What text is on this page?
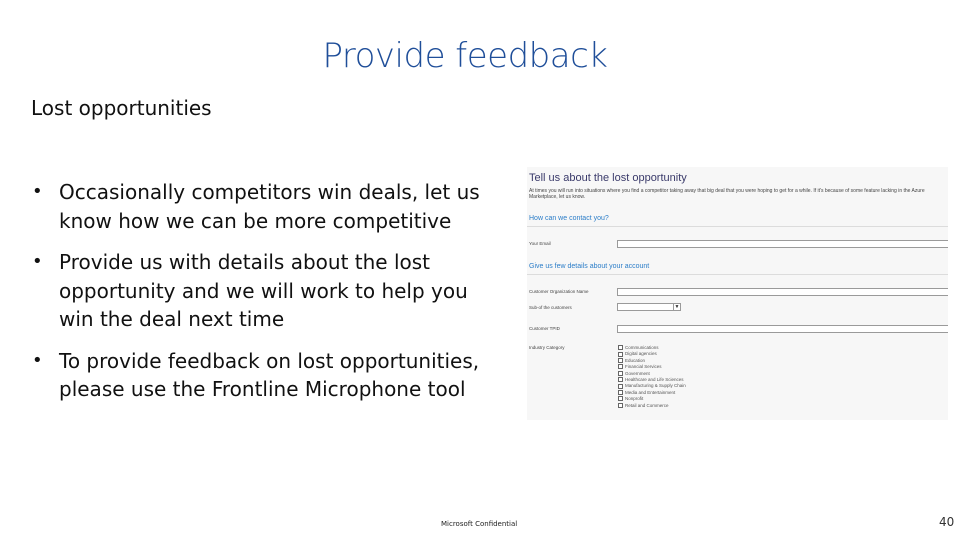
Provide feedback
Lost opportunities
• Occasionally competitors win deals, let us know how we can be more competitive
• Provide us with details about the lost opportunity and we will work to help you win the deal next time
• To provide feedback on lost opportunities, please use the Frontline Microphone tool
Tell us about the lost opportunity
At times you will run into situations where you find a competitor taking away that big deal that you were hoping to get for a while. If it's because of some feature lacking in the Azure Marketplace, let us know.
How can we contact you?
Your Email
Give us few details about your account
Customer Organization Name
Sub-of the customers	▼
Customer TPID
Industry Category	Communications
Digital agencies
Education
Financial Services
Government
Healthcare and Life Sciences
Manufacturing & Supply Chain
Media and Entertainment
Nonprofit
Retail and Commerce
Microsoft Confidential	40
